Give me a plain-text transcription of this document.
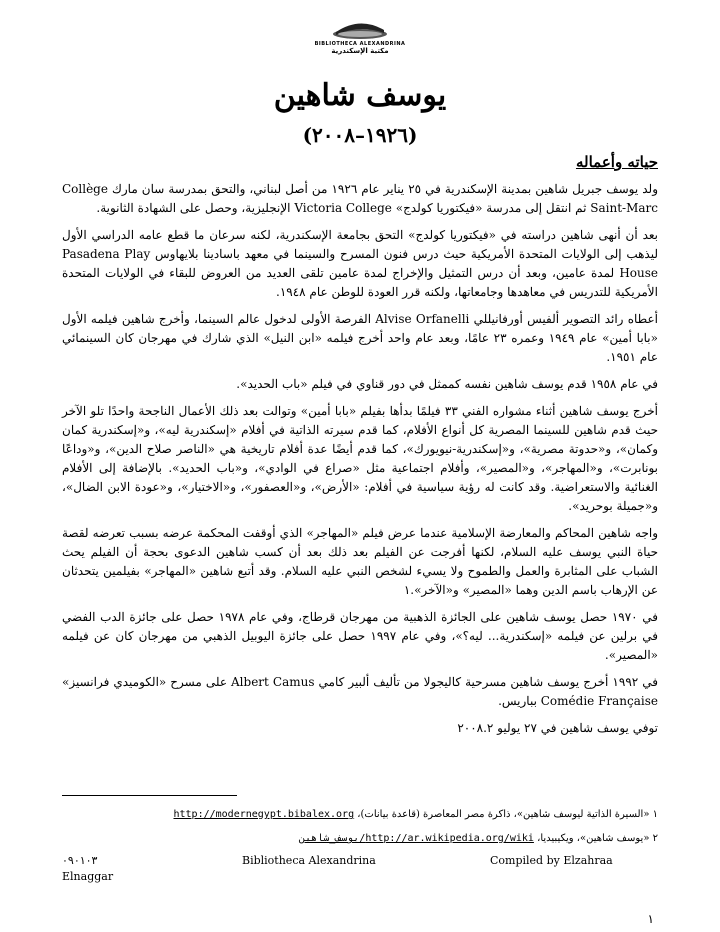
BIBLIOTHECA ALEXANDRINA
مكتبة الإسكندرية
يوسف شاهين
(١٩٢٦–٢٠٠٨)
حياته وأعماله

ولد يوسف جبريل شاهين بمدينة الإسكندرية في ٢٥ يناير عام ١٩٢٦ من أصل لبناني، والتحق بمدرسة سان مارك Collège Saint-Marc ثم انتقل إلى مدرسة «فيكتوريا كولدج» Victoria College الإنجليزية، وحصل على الشهادة الثانوية.

بعد أن أنهى شاهين دراسته في «فيكتوريا كولدج» التحق بجامعة الإسكندرية، لكنه سرعان ما قطع عامه الدراسي الأول ليذهب إلى الولايات المتحدة الأمريكية حيث درس فنون المسرح والسينما في معهد باسادينا بلايهاوس Pasadena Play House لمدة عامين، وبعد أن درس التمثيل والإخراج لمدة عامين تلقى العديد من العروض للبقاء في الولايات المتحدة الأمريكية للتدريس في معاهدها وجامعاتها، ولكنه قرر العودة للوطن عام ١٩٤٨.

أعطاه رائد التصوير ألفيس أورفانيللي Alvise Orfanelli الفرصة الأولى لدخول عالم السينما، وأخرج شاهين فيلمه الأول «بابا أمين» عام ١٩٤٩ وعمره ٢٣ عامًا، وبعد عام واحد أخرج فيلمه «ابن النيل» الذي شارك في مهرجان كان السينمائي عام ١٩٥١.

في عام ١٩٥٨ قدم يوسف شاهين نفسه كممثل في دور قناوي في فيلم «باب الحديد».

أخرج يوسف شاهين أثناء مشواره الفني ٣٣ فيلمًا بدأها بفيلم «بابا أمين» وتوالت بعد ذلك الأعمال الناجحة واحدًا تلو الآخر حيث قدم شاهين للسينما المصرية كل أنواع الأفلام، كما قدم سيرته الذاتية في أفلام «إسكندرية ليه»، و«إسكندرية كمان وكمان»، و«حدوتة مصرية»، و«إسكندرية-نيويورك»، كما قدم أيضًا عدة أفلام تاريخية هي «الناصر صلاح الدين»، و«وداعًا بونابرت»، و«المهاجر»، و«المصير»، وأفلام اجتماعية مثل «صراع في الوادي»، و«باب الحديد». بالإضافة إلى الأفلام الغنائية والاستعراضية. وقد كانت له رؤية سياسية في أفلام: «الأرض»، و«العصفور»، و«الاختيار»، و«عودة الابن الضال»، و«جميلة بوحريد».

واجه شاهين المحاكم والمعارضة الإسلامية عندما عرض فيلم «المهاجر» الذي أوقفت المحكمة عرضه بسبب تعرضه لقصة حياة النبي يوسف عليه السلام، لكنها أفرجت عن الفيلم بعد ذلك بعد أن كسب شاهين الدعوى بحجة أن الفيلم يحث الشباب على المثابرة والعمل والطموح ولا يسيء لشخص النبي عليه السلام. وقد أتبع شاهين «المهاجر» بفيلمين يتحدثان عن الإرهاب باسم الدين وهما «المصير» و«الآخر».١

في ١٩٧٠ حصل يوسف شاهين على الجائزة الذهبية من مهرجان قرطاج، وفي عام ١٩٧٨ حصل على جائزة الدب الفضي في برلين عن فيلمه «إسكندرية... ليه؟»، وفي عام ١٩٩٧ حصل على جائزة اليوبيل الذهبي من مهرجان كان عن فيلمه «المصير».

في ١٩٩٢ أخرج يوسف شاهين مسرحية كاليجولا من تأليف ألبير كامي Albert Camus على مسرح «الكوميدي فرانسيز» Comédie Française بباريس.

توفي يوسف شاهين في ٢٧ يوليو ٢٠٠٨.٢

١ «السيرة الذاتية ليوسف شاهين»، ذاكرة مصر المعاصرة (قاعدة بيانات)، http://modernegypt.bibalex.org
٢ «يوسف شاهين»، ويكيبيديا، http://ar.wikipedia.org/wiki/يوسف_شاهين
٠٩٠١٠٣	Bibliotheca Alexandrina	Compiled by Elzahraa
Elnaggar
١
